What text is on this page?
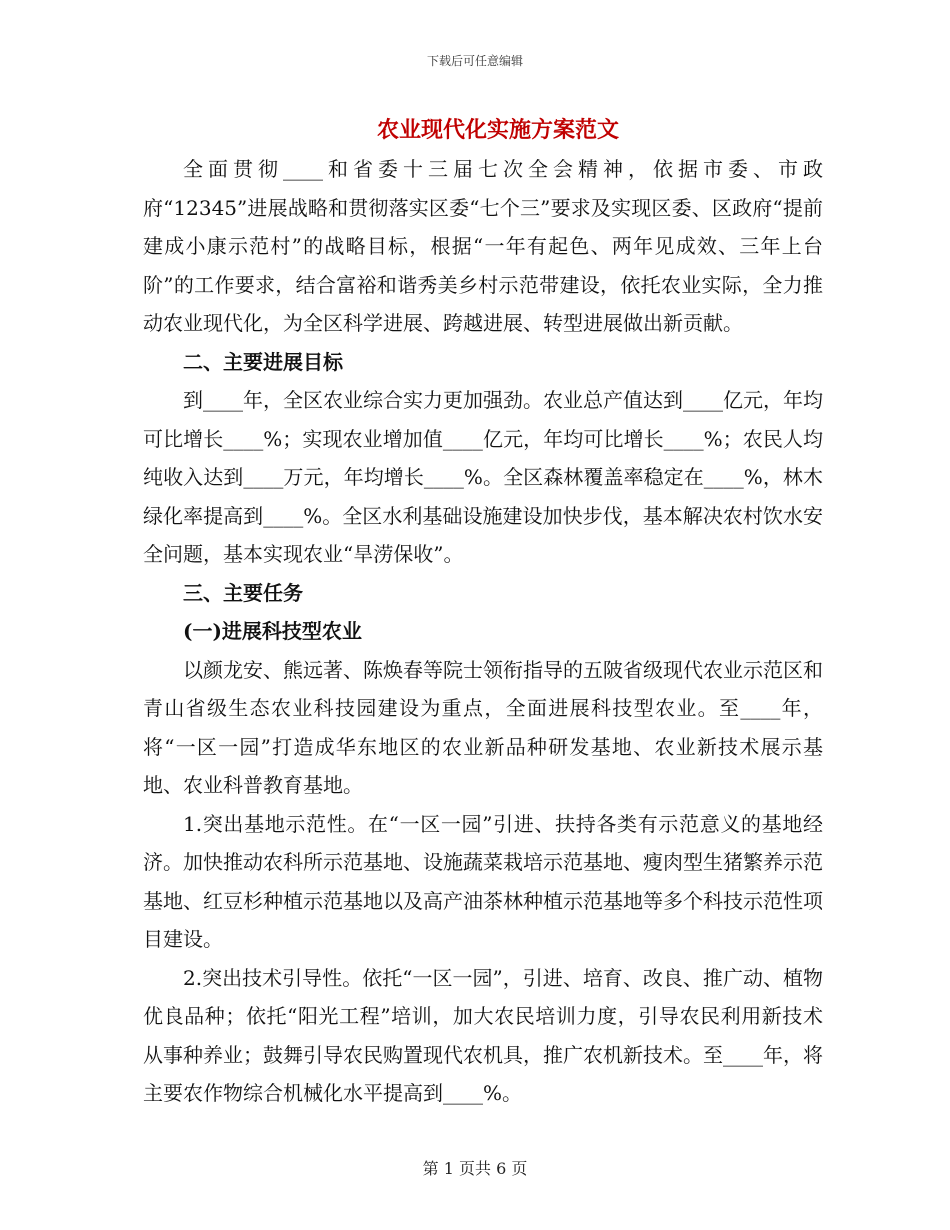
下载后可任意编辑
农业现代化实施方案范文

全面贯彻____和省委十三届七次全会精神，依据市委、市政府“12345”进展战略和贯彻落实区委“七个三”要求及实现区委、区政府“提前建成小康示范村”的战略目标，根据“一年有起色、两年见成效、三年上台阶”的工作要求，结合富裕和谐秀美乡村示范带建设，依托农业实际，全力推动农业现代化，为全区科学进展、跨越进展、转型进展做出新贡献。

二、主要进展目标

到____年，全区农业综合实力更加强劲。农业总产值达到____亿元，年均可比增长____%；实现农业增加值____亿元，年均可比增长____%；农民人均纯收入达到____万元，年均增长____%。全区森林覆盖率稳定在____%，林木绿化率提高到____%。全区水利基础设施建设加快步伐，基本解决农村饮水安全问题，基本实现农业“旱涝保收”。

三、主要任务

(一)进展科技型农业

以颜龙安、熊远著、陈焕春等院士领衔指导的五陂省级现代农业示范区和青山省级生态农业科技园建设为重点，全面进展科技型农业。至____年，将“一区一园”打造成华东地区的农业新品种研发基地、农业新技术展示基地、农业科普教育基地。

1.突出基地示范性。在“一区一园”引进、扶持各类有示范意义的基地经济。加快推动农科所示范基地、设施蔬菜栽培示范基地、瘦肉型生猪繁养示范基地、红豆杉种植示范基地以及高产油茶林种植示范基地等多个科技示范性项目建设。

2.突出技术引导性。依托“一区一园”，引进、培育、改良、推广动、植物优良品种；依托“阳光工程”培训，加大农民培训力度，引导农民利用新技术从事种养业；鼓舞引导农民购置现代农机具，推广农机新技术。至____年，将主要农作物综合机械化水平提高到____%。

第 1 页共 6 页
